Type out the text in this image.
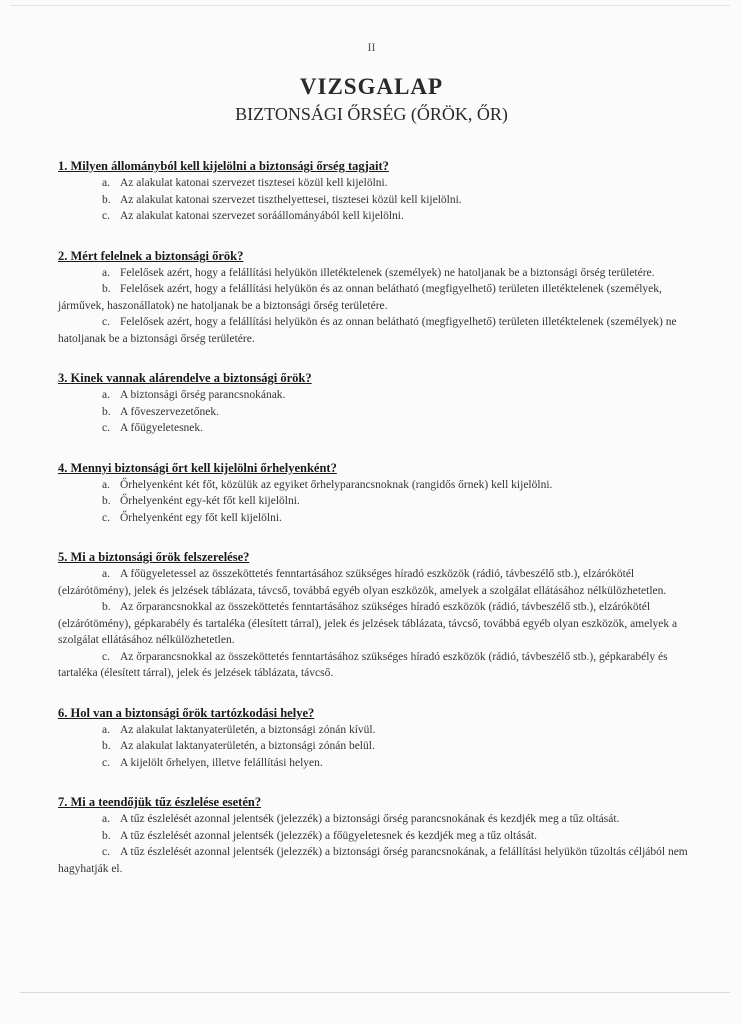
II
VIZSGALAP
BIZTONSÁGI ŐRSÉG (ŐRÖK, ŐR)
1. Milyen állományból kell kijelölni a biztonsági őrség tagjait?
a. Az alakulat katonai szervezet tisztesei közül kell kijelölni.
b. Az alakulat katonai szervezet tiszthelyettesei, tisztesei közül kell kijelölni.
c. Az alakulat katonai szervezet soráállományából kell kijelölni.
2. Mért felelnek a biztonsági őrök?
a. Felelősek azért, hogy a felállítási helyükön illetéktelenek (személyek) ne hatoljanak be a biztonsági őrség területére.
b. Felelősek azért, hogy a felállítási helyükön és az onnan belátható (megfigyelhető) területen illetéktelenek (személyek, járművek, haszonállatok) ne hatoljanak be a biztonsági őrség területére.
c. Felelősek azért, hogy a felállítási helyükön és az onnan belátható (megfigyelhető) területen illetéktelenek (személyek) ne hatoljanak be a biztonsági őrség területére.
3. Kinek vannak alárendelve a biztonsági őrök?
a. A biztonsági őrség parancsnokának.
b. A főveszervezetőnek.
c. A főügyeletesnek.
4. Mennyi biztonsági őrt kell kijelölni őrhelyenként?
a. Őrhelyenként két főt, közülük az egyiket őrhelyparancsnoknak (rangidős őrnek) kell kijelölni.
b. Őrhelyenként egy-két főt kell kijelölni.
c. Őrhelyenként egy főt kell kijelölni.
5. Mi a biztonsági őrök felszerelése?
a. A főügyeletessel az összeköttetés fenntartásához szükséges híradó eszközök (rádió, távbeszélő stb.), elzárókötél (elzárótömény), jelek és jelzések táblázata, távcső, továbbá egyéb olyan eszközök, amelyek a szolgálat ellátásához nélkülözhetetlen.
b. Az őrparancsnokkal az összeköttetés fenntartásához szükséges híradó eszközök (rádió, távbeszélő stb.), elzárókötél (elzárótömény), gépkarabély és tartaléka (élesített tárral), jelek és jelzések táblázata, távcső, továbbá egyéb olyan eszközök, amelyek a szolgálat ellátásához nélkülözhetetlen.
c. Az őrparancsnokkal az összeköttetés fenntartásához szükséges híradó eszközök (rádió, távbeszélő stb.), gépkarabély és tartaléka (élesített tárral), jelek és jelzések táblázata, távcső.
6. Hol van a biztonsági őrök tartózkodási helye?
a. Az alakulat laktanyaterületén, a biztonsági zónán kívül.
b. Az alakulat laktanyaterületén, a biztonsági zónán belül.
c. A kijelölt őrhelyen, illetve felállítási helyen.
7. Mi a teendőjük tűz észlelése esetén?
a. A tűz észlelését azonnal jelentsék (jelezzék) a biztonsági őrség parancsnokának és kezdjék meg a tűz oltását.
b. A tűz észlelését azonnal jelentsék (jelezzék) a főügyeletesnek és kezdjék meg a tűz oltását.
c. A tűz észlelését azonnal jelentsék (jelezzék) a biztonsági őrség parancsnokának, a felállítási helyükön tűzoltás céljából nem hagyhatják el.
